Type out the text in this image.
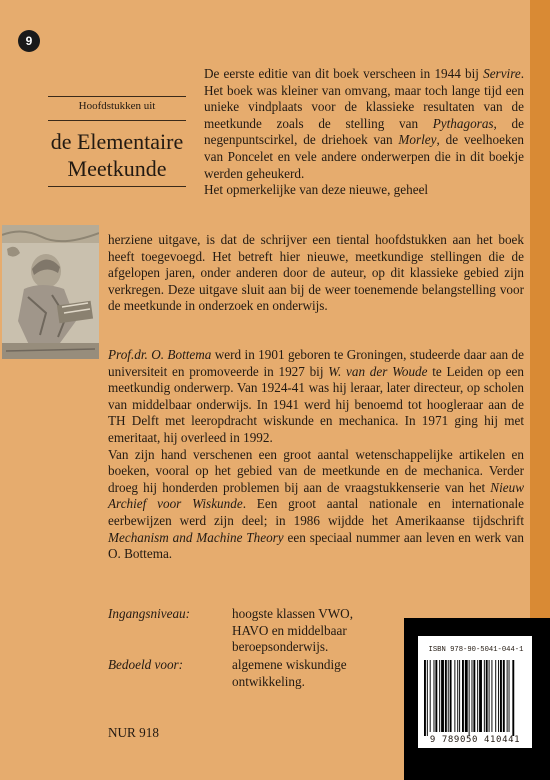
9
Hoofdstukken uit
de Elementaire
Meetkunde

De eerste editie van dit boek verscheen in 1944 bij Servire. Het boek was kleiner van omvang, maar toch lange tijd een unieke vindplaats voor de klassieke resultaten van de meetkunde zoals de stelling van Pythagoras, de negenpuntscirkel, de driehoek van Morley, de veelhoeken van Poncelet en vele andere onderwerpen die in dit boekje werden geheukerd.

Het opmerkelijke van deze nieuwe, geheel

herziene uitgave, is dat de schrijver een tiental hoofdstukken aan het boek heeft toegevoegd. Het betreft hier nieuwe, meetkundige stellingen die de afgelopen jaren, onder anderen door de auteur, op dit klassieke gebied zijn verkregen. Deze uitgave sluit aan bij de weer toenemende belangstelling voor de meetkunde in onderzoek en onderwijs.

Prof.dr. O. Bottema werd in 1901 geboren te Groningen, studeerde daar aan de universiteit en promoveerde in 1927 bij W. van der Woude te Leiden op een meetkundig onderwerp. Van 1924-41 was hij leraar, later directeur, op scholen van middelbaar onderwijs. In 1941 werd hij benoemd tot hoogleraar aan de TH Delft met leeropdracht wiskunde en mechanica. In 1971 ging hij met emeritaat, hij overleed in 1992.

Van zijn hand verschenen een groot aantal wetenschappelijke artikelen en boeken, vooral op het gebied van de meetkunde en de mechanica. Verder droeg hij honderden problemen bij aan de vraagstukkenserie van het Nieuw Archief voor Wiskunde. Een groot aantal nationale en internationale eerbewijzen werd zijn deel; in 1986 wijdde het Amerikaanse tijdschrift Mechanism and Machine Theory een speciaal nummer aan leven en werk van O. Bottema.

Ingangsniveau:	hoogste klassen VWO,
HAVO en middelbaar
beroepsonderwijs.
Bedoeld voor:	algemene wiskundige
ontwikkeling.
NUR 918
ISBN 978-90-5041-044-1
9 789050 410441
